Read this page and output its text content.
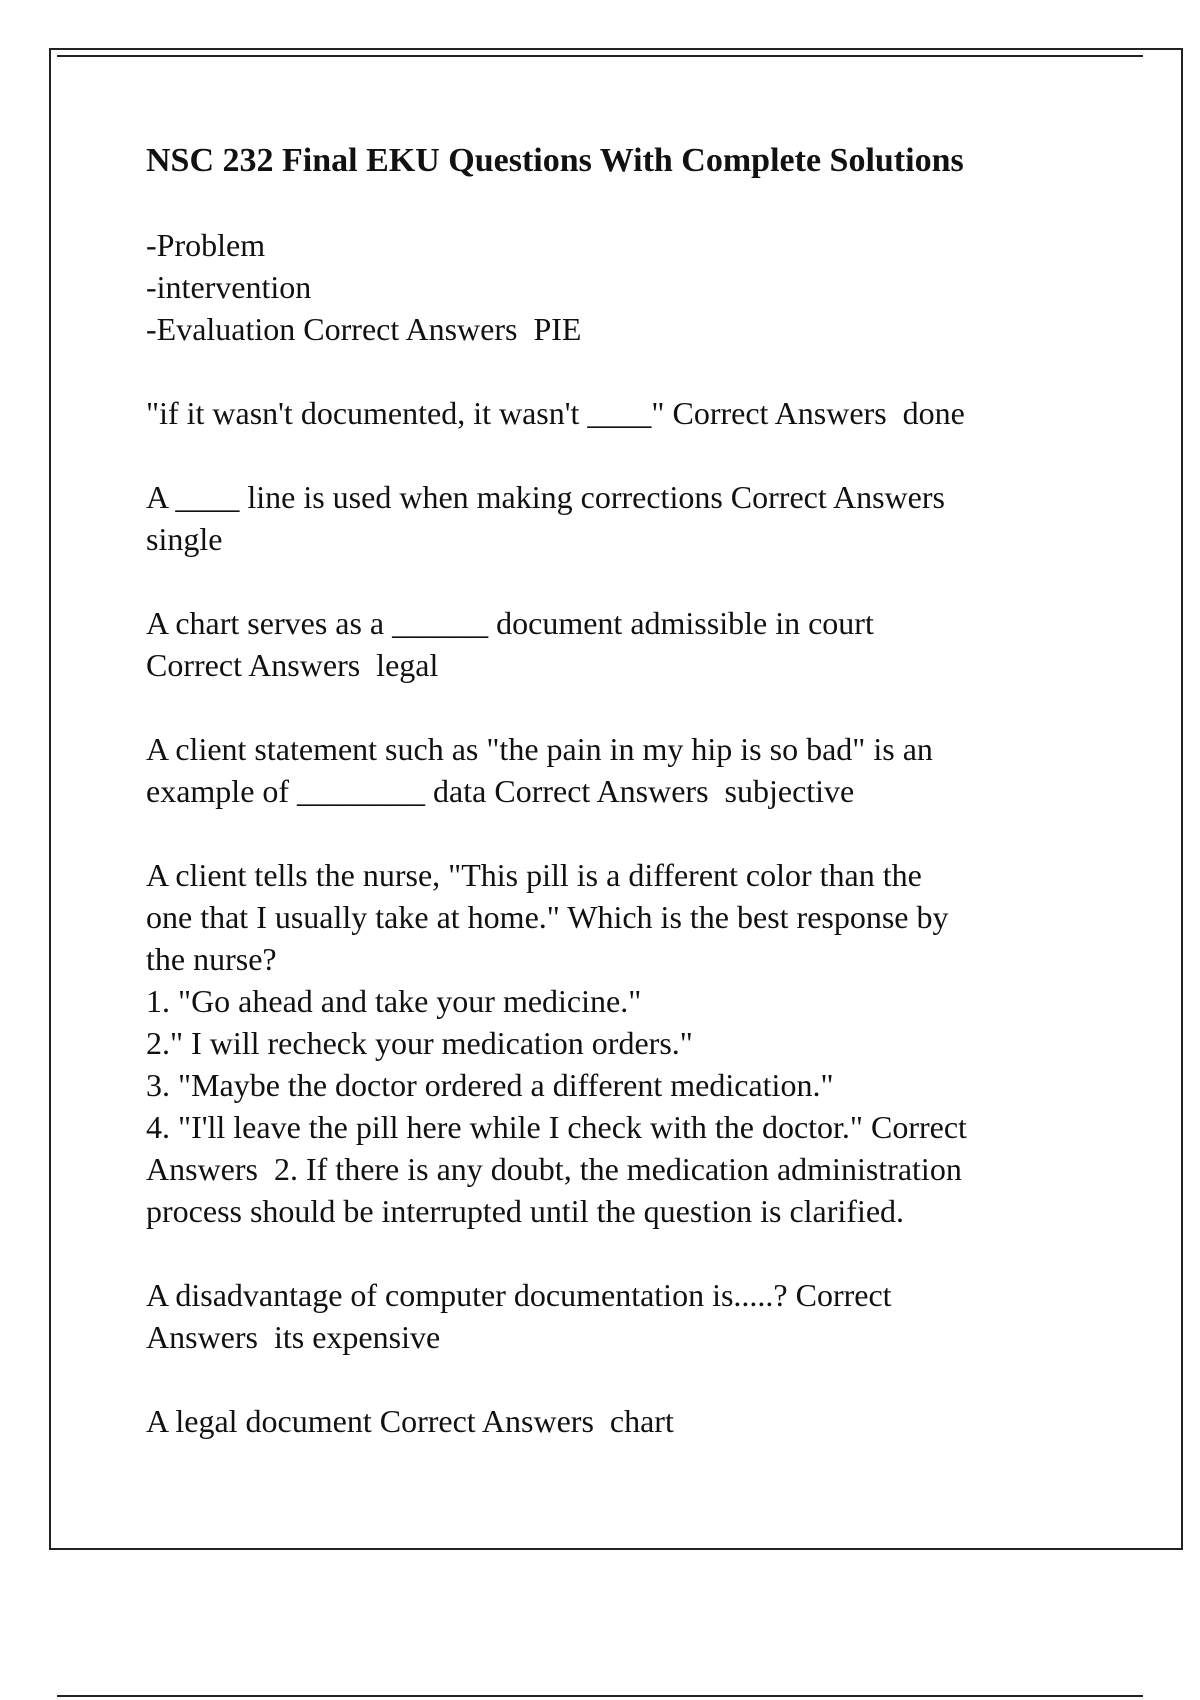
NSC 232 Final EKU Questions With Complete Solutions
-Problem
-intervention
-Evaluation Correct Answers  PIE
"if it wasn't documented, it wasn't ____" Correct Answers  done
A ____ line is used when making corrections Correct Answers
single
A chart serves as a ______ document admissible in court
Correct Answers  legal
A client statement such as "the pain in my hip is so bad" is an
example of ________ data Correct Answers  subjective
A client tells the nurse, "This pill is a different color than the
one that I usually take at home." Which is the best response by
the nurse?
1. "Go ahead and take your medicine."
2." I will recheck your medication orders."
3. "Maybe the doctor ordered a different medication."
4. "I'll leave the pill here while I check with the doctor." Correct
Answers  2. If there is any doubt, the medication administration
process should be interrupted until the question is clarified.
A disadvantage of computer documentation is.....? Correct
Answers  its expensive
A legal document Correct Answers  chart
